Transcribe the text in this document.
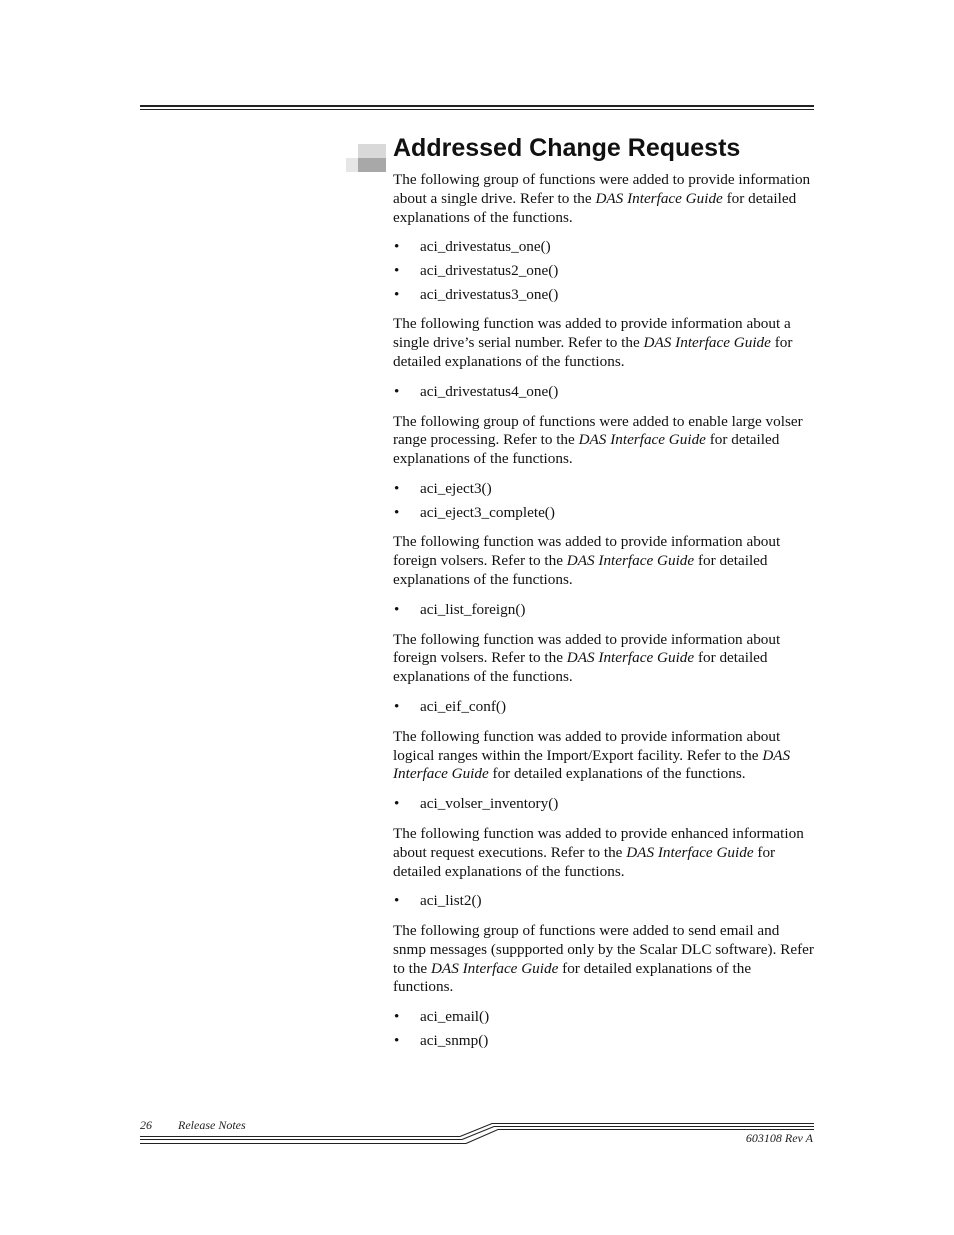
Addressed Change Requests

The following group of functions were added to provide information about a single drive. Refer to the DAS Interface Guide for detailed explanations of the functions.

• aci_drivestatus_one()
• aci_drivestatus2_one()
• aci_drivestatus3_one()

The following function was added to provide information about a single drive’s serial number. Refer to the DAS Interface Guide for detailed explanations of the functions.

• aci_drivestatus4_one()

The following group of functions were added to enable large volser range processing. Refer to the DAS Interface Guide for detailed explanations of the functions.

• aci_eject3()
• aci_eject3_complete()

The following function was added to provide information about foreign volsers. Refer to the DAS Interface Guide for detailed explanations of the functions.

• aci_list_foreign()

The following function was added to provide information about foreign volsers. Refer to the DAS Interface Guide for detailed explanations of the functions.

• aci_eif_conf()

The following function was added to provide information about logical ranges within the Import/Export facility. Refer to the DAS Interface Guide for detailed explanations of the functions.

• aci_volser_inventory()

The following function was added to provide enhanced information about request executions. Refer to the DAS Interface Guide for detailed explanations of the functions.

• aci_list2()

The following group of functions were added to send email and snmp messages (suppported only by the Scalar DLC software). Refer to the DAS Interface Guide for detailed explanations of the functions.

• aci_email()
• aci_snmp()
26 Release Notes
603108 Rev A
